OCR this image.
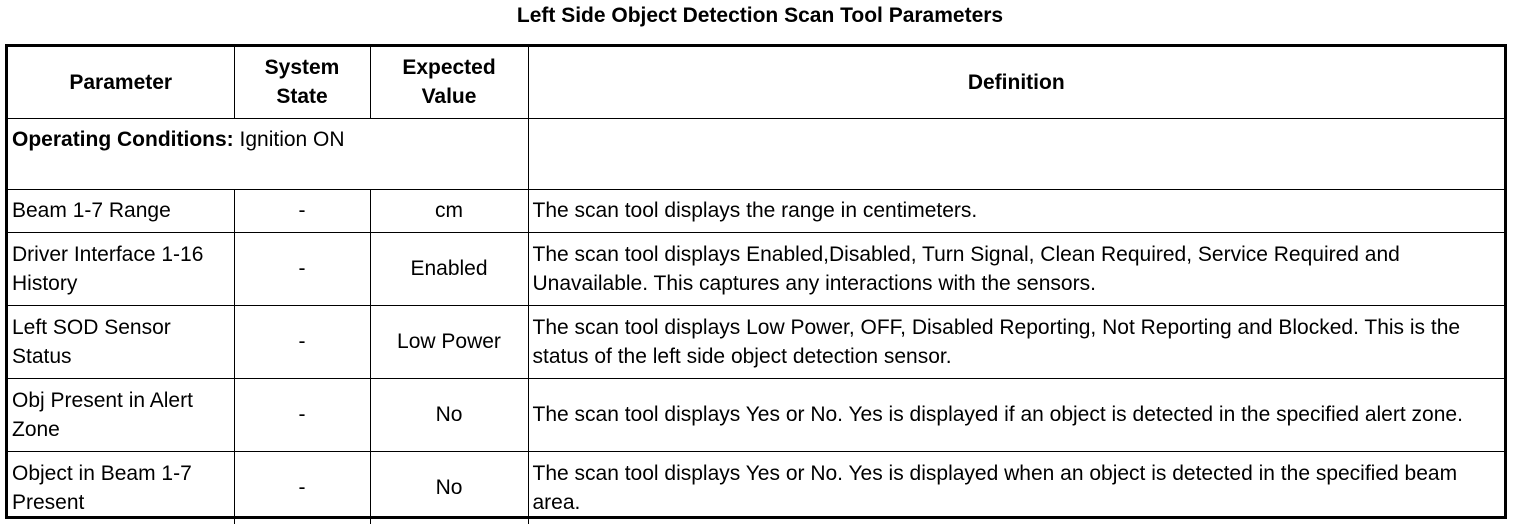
Left Side Object Detection Scan Tool Parameters
Parameter	System State	Expected Value	Definition
Operating Conditions: Ignition ON			
Beam 1-7 Range	-	cm	The scan tool displays the range in centimeters.
Driver Interface 1-16 History	-	Enabled	The scan tool displays Enabled,Disabled, Turn Signal, Clean Required, Service Required and Unavailable. This captures any interactions with the sensors.
Left SOD Sensor Status	-	Low Power	The scan tool displays Low Power, OFF, Disabled Reporting, Not Reporting and Blocked. This is the status of the left side object detection sensor.
Obj Present in Alert Zone	-	No	The scan tool displays Yes or No. Yes is displayed if an object is detected in the specified alert zone.
Object in Beam 1-7 Present	-	No	The scan tool displays Yes or No. Yes is displayed when an object is detected in the specified beam area.
